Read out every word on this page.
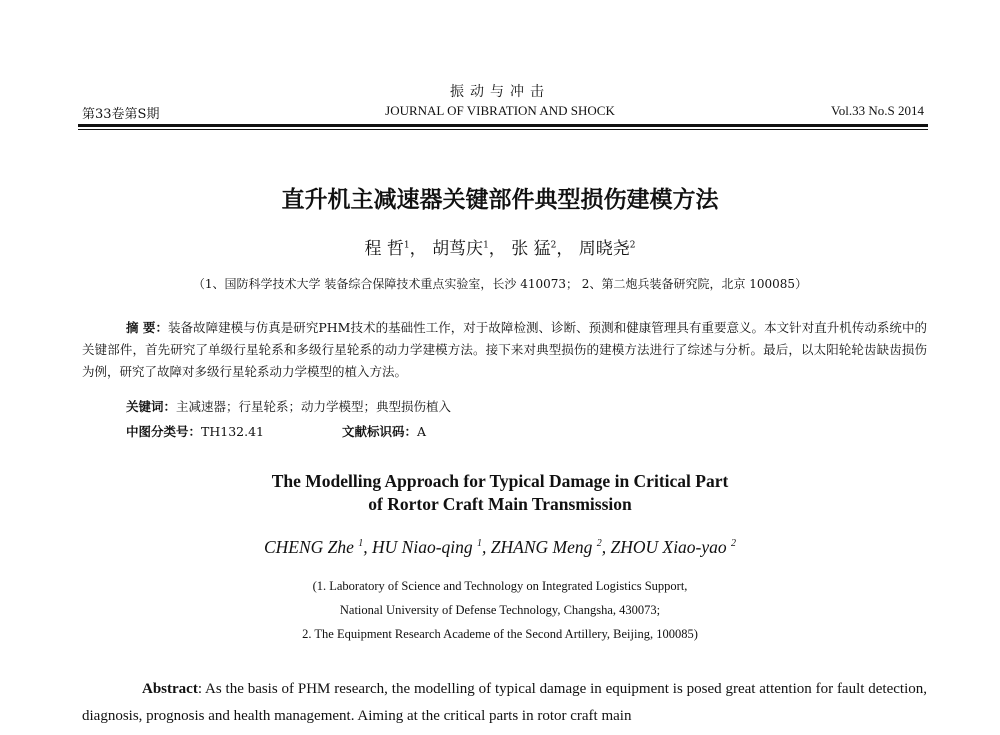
振动与冲击
第33卷第S期	JOURNAL OF VIBRATION AND SHOCK	Vol.33 No.S 2014
直升机主减速器关键部件典型损伤建模方法
程 哲$^1$， 胡茑庆$^1$， 张 猛$^2$， 周晓尧$^2$
（1、国防科学技术大学 装备综合保障技术重点实验室，长沙 410073； 2、第二炮兵装备研究院，北京 100085）
摘 要：装备故障建模与仿真是研究PHM技术的基础性工作，对于故障检测、诊断、预测和健康管理具有重要意义。本文针对直升机传动系统中的关键部件，首先研究了单级行星轮系和多级行星轮系的动力学建模方法。接下来对典型损伤的建模方法进行了综述与分析。最后，以太阳轮轮齿缺齿损伤为例，研究了故障对多级行星轮系动力学模型的植入方法。
关键词：主减速器；行星轮系；动力学模型；典型损伤植入
中图分类号：TH132.41	文献标识码：A
The Modelling Approach for Typical Damage in Critical Part
of Rortor Craft Main Transmission
CHENG Zhe $^1$, HU Niao-qing $^1$, ZHANG Meng $^2$, ZHOU Xiao-yao $^2$
(1. Laboratory of Science and Technology on Integrated Logistics Support,
National University of Defense Technology, Changsha, 430073;
2. The Equipment Research Academe of the Second Artillery, Beijing, 100085)
Abstract: As the basis of PHM research, the modelling of typical damage in equipment is posed great attention for fault detection, diagnosis, prognosis and health management. Aiming at the critical parts in rotor craft main
